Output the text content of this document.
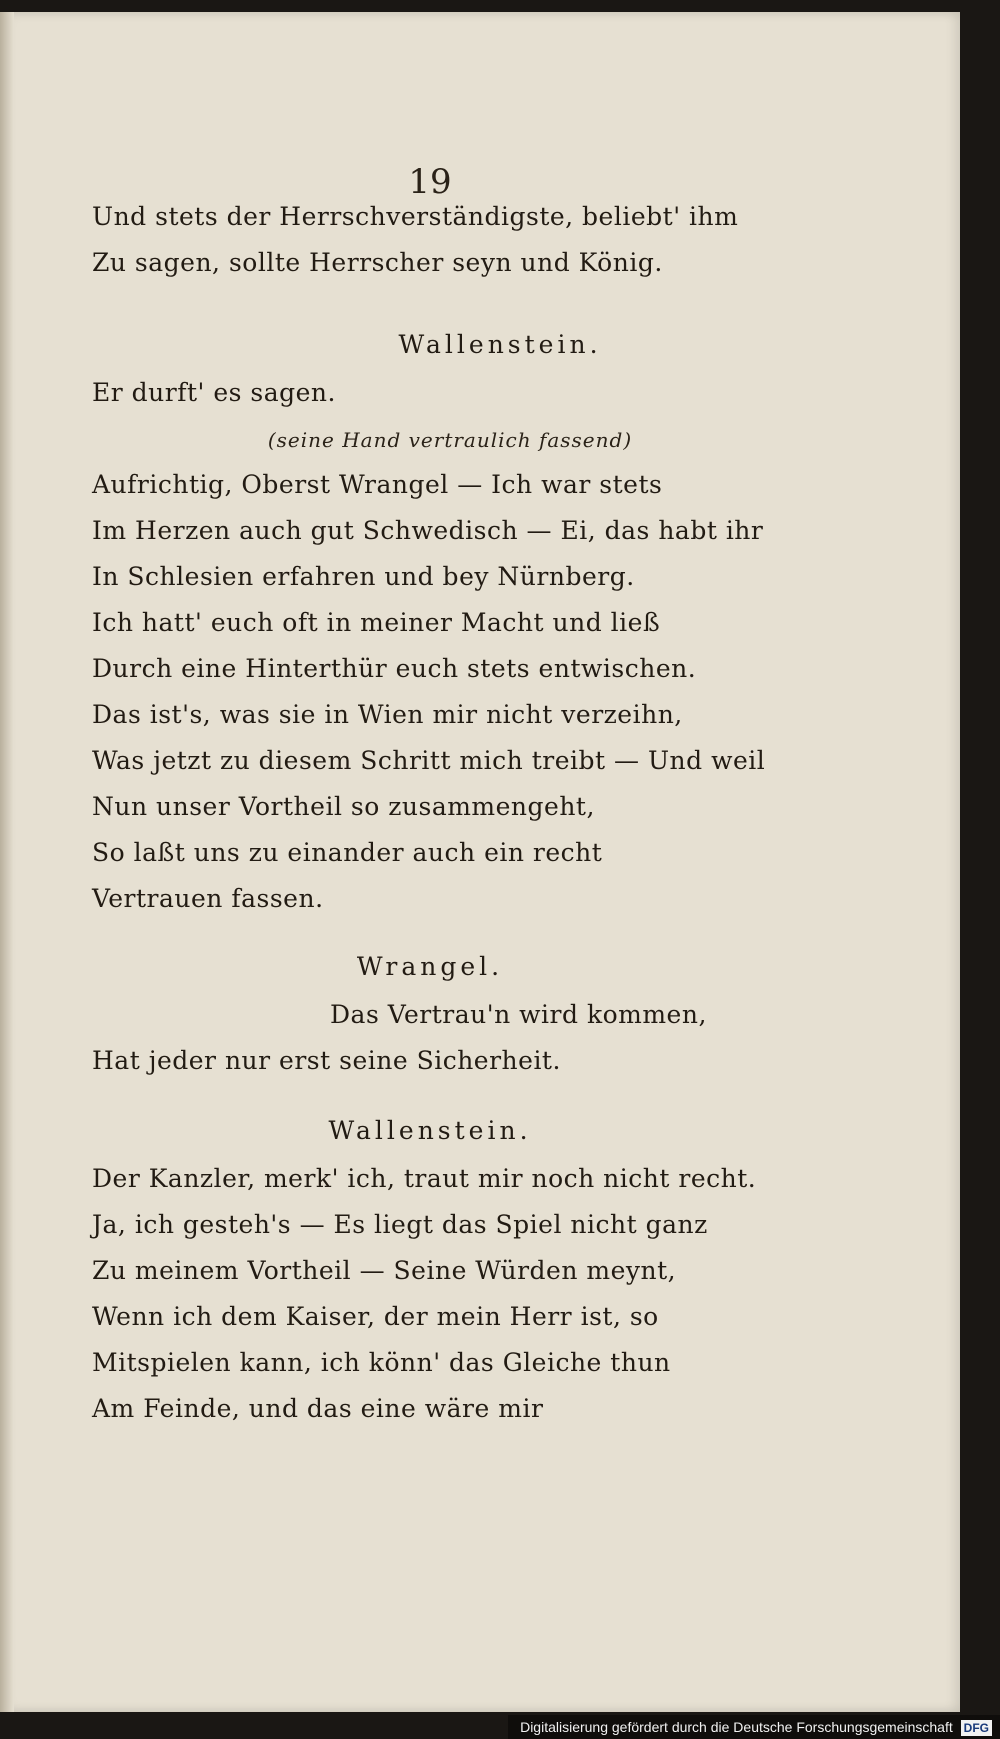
19
Und stets der Herrschverständigste, beliebt' ihm
Zu sagen, sollte Herrscher seyn und König.
Wallenstein.
Er durft' es sagen.
(seine Hand vertraulich fassend)
Aufrichtig, Oberst Wrangel — Ich war stets
Im Herzen auch gut Schwedisch — Ei, das habt ihr
In Schlesien erfahren und bey Nürnberg.
Ich hatt' euch oft in meiner Macht und ließ
Durch eine Hinterthür euch stets entwischen.
Das ist's, was sie in Wien mir nicht verzeihn,
Was jetzt zu diesem Schritt mich treibt — Und weil
Nun unser Vortheil so zusammengeht,
So laßt uns zu einander auch ein recht
Vertrauen fassen.
Wrangel.
Das Vertrau'n wird kommen,
Hat jeder nur erst seine Sicherheit.
Wallenstein.
Der Kanzler, merk' ich, traut mir noch nicht recht.
Ja, ich gesteh's — Es liegt das Spiel nicht ganz
Zu meinem Vortheil — Seine Würden meynt,
Wenn ich dem Kaiser, der mein Herr ist, so
Mitspielen kann, ich könn' das Gleiche thun
Am Feinde, und das eine wäre mir
Digitalisierung gefördert durch die Deutsche Forschungsgemeinschaft DFG
